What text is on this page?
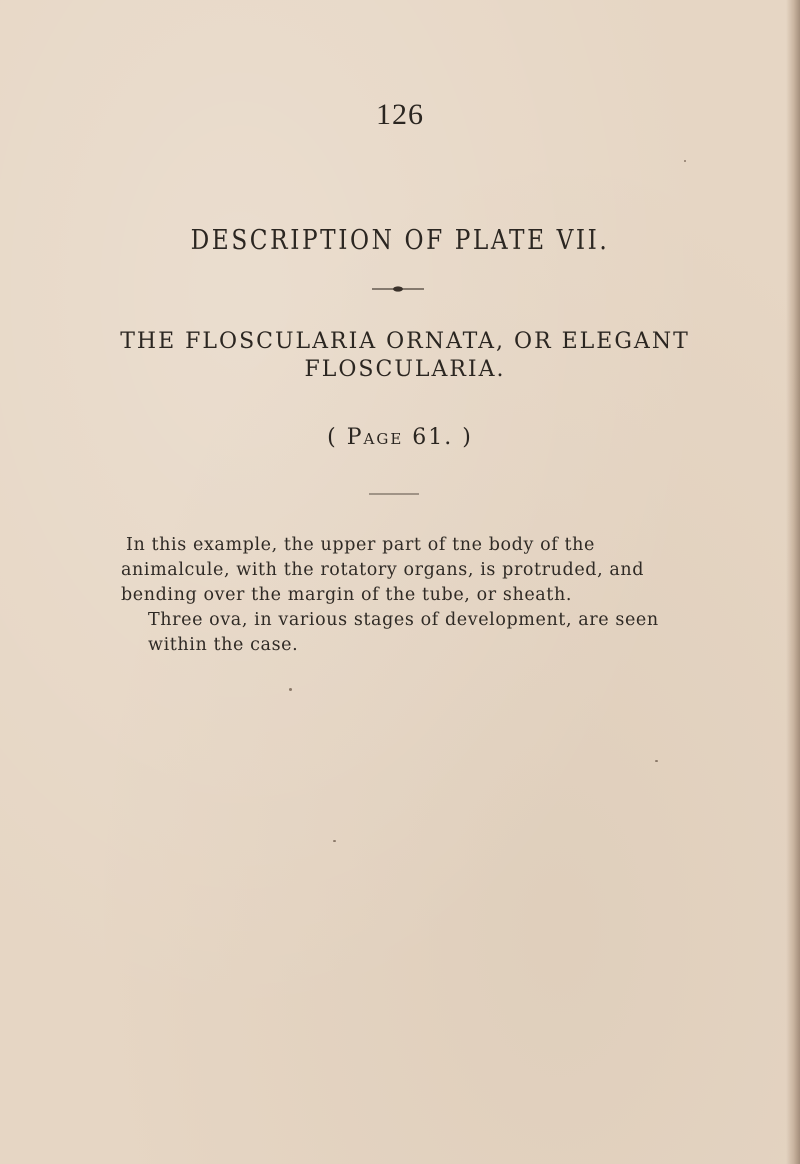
126
DESCRIPTION OF PLATE VII.
THE FLOSCULARIA ORNATA, OR ELEGANT
FLOSCULARIA.
( Page 61. )

In this example, the upper part of tne body of the animalcule, with the rotatory organs, is protruded, and bending over the margin of the tube, or sheath.

Three ova, in various stages of development, are seen within the case.
